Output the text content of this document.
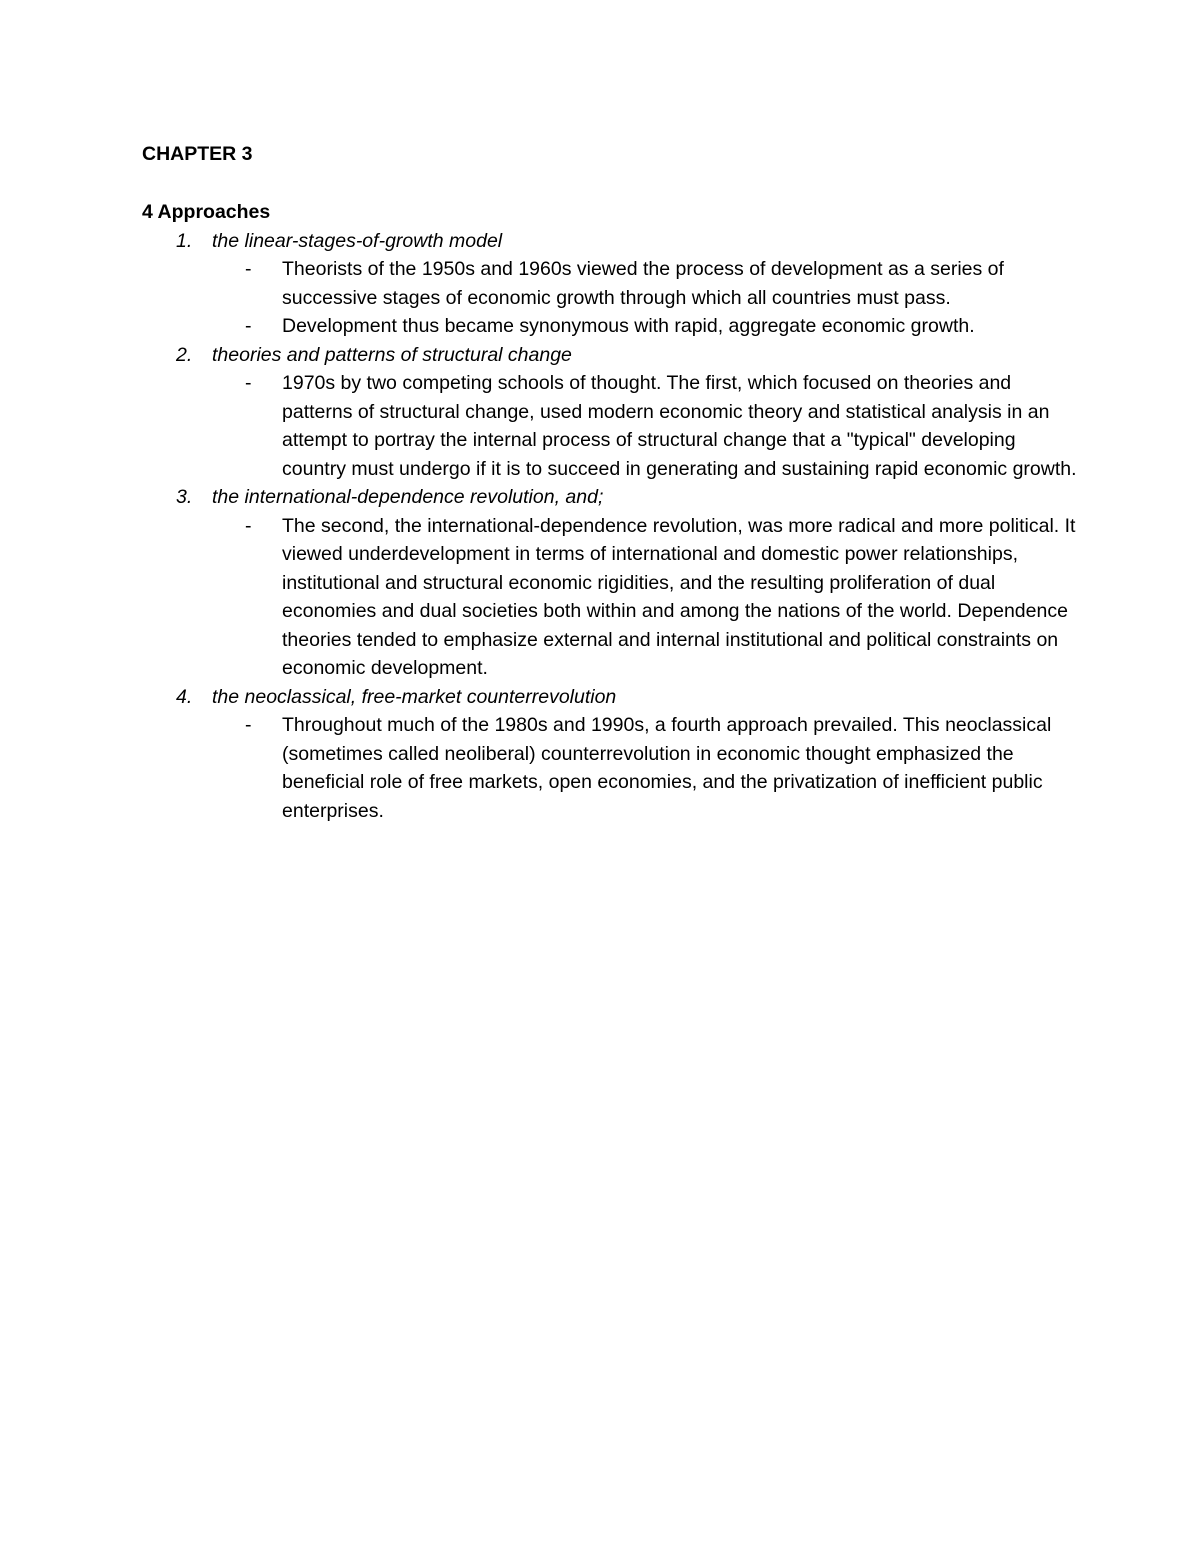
CHAPTER 3
4 Approaches
1. the linear-stages-of-growth model
- Theorists of the 1950s and 1960s viewed the process of development as a series of successive stages of economic growth through which all countries must pass.
- Development thus became synonymous with rapid, aggregate economic growth.
2. theories and patterns of structural change
- 1970s by two competing schools of thought. The first, which focused on theories and patterns of structural change, used modern economic theory and statistical analysis in an attempt to portray the internal process of structural change that a "typical" developing country must undergo if it is to succeed in generating and sustaining rapid economic growth.
3. the international-dependence revolution, and;
- The second, the international-dependence revolution, was more radical and more political. It viewed underdevelopment in terms of international and domestic power relationships, institutional and structural economic rigidities, and the resulting proliferation of dual economies and dual societies both within and among the nations of the world. Dependence theories tended to emphasize external and internal institutional and political constraints on economic development.
4. the neoclassical, free-market counterrevolution
- Throughout much of the 1980s and 1990s, a fourth approach prevailed. This neoclassical (sometimes called neoliberal) counterrevolution in economic thought emphasized the beneficial role of free markets, open economies, and the privatization of inefficient public enterprises.
